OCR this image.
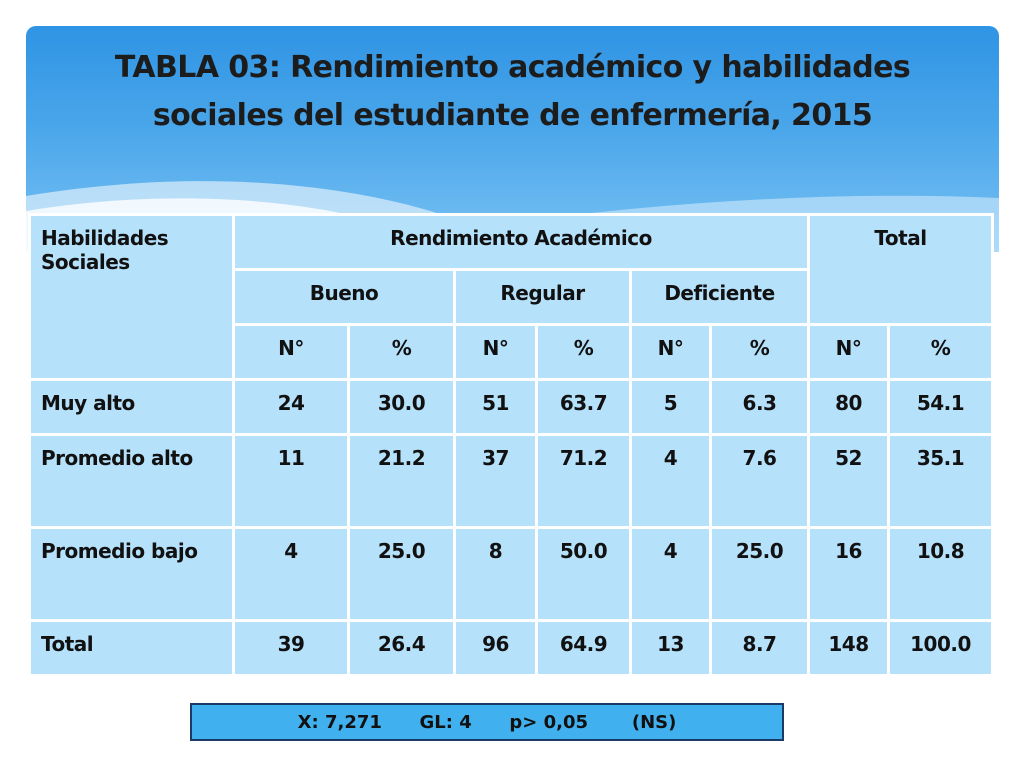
TABLA 03: Rendimiento académico y habilidades
sociales del estudiante de enfermería, 2015
Habilidades Sociales	Rendimiento Académico						Total	
	Bueno		Regular		Deficiente			
	N°	%	N°	%	N°	%	N°	%
Muy alto	24	30.0	51	63.7	5	6.3	80	54.1
Promedio alto	11	21.2	37	71.2	4	7.6	52	35.1
Promedio bajo	4	25.0	8	50.0	4	25.0	16	10.8
Total	39	26.4	96	64.9	13	8.7	148	100.0
X: 7,271      GL: 4      p> 0,05       (NS)
